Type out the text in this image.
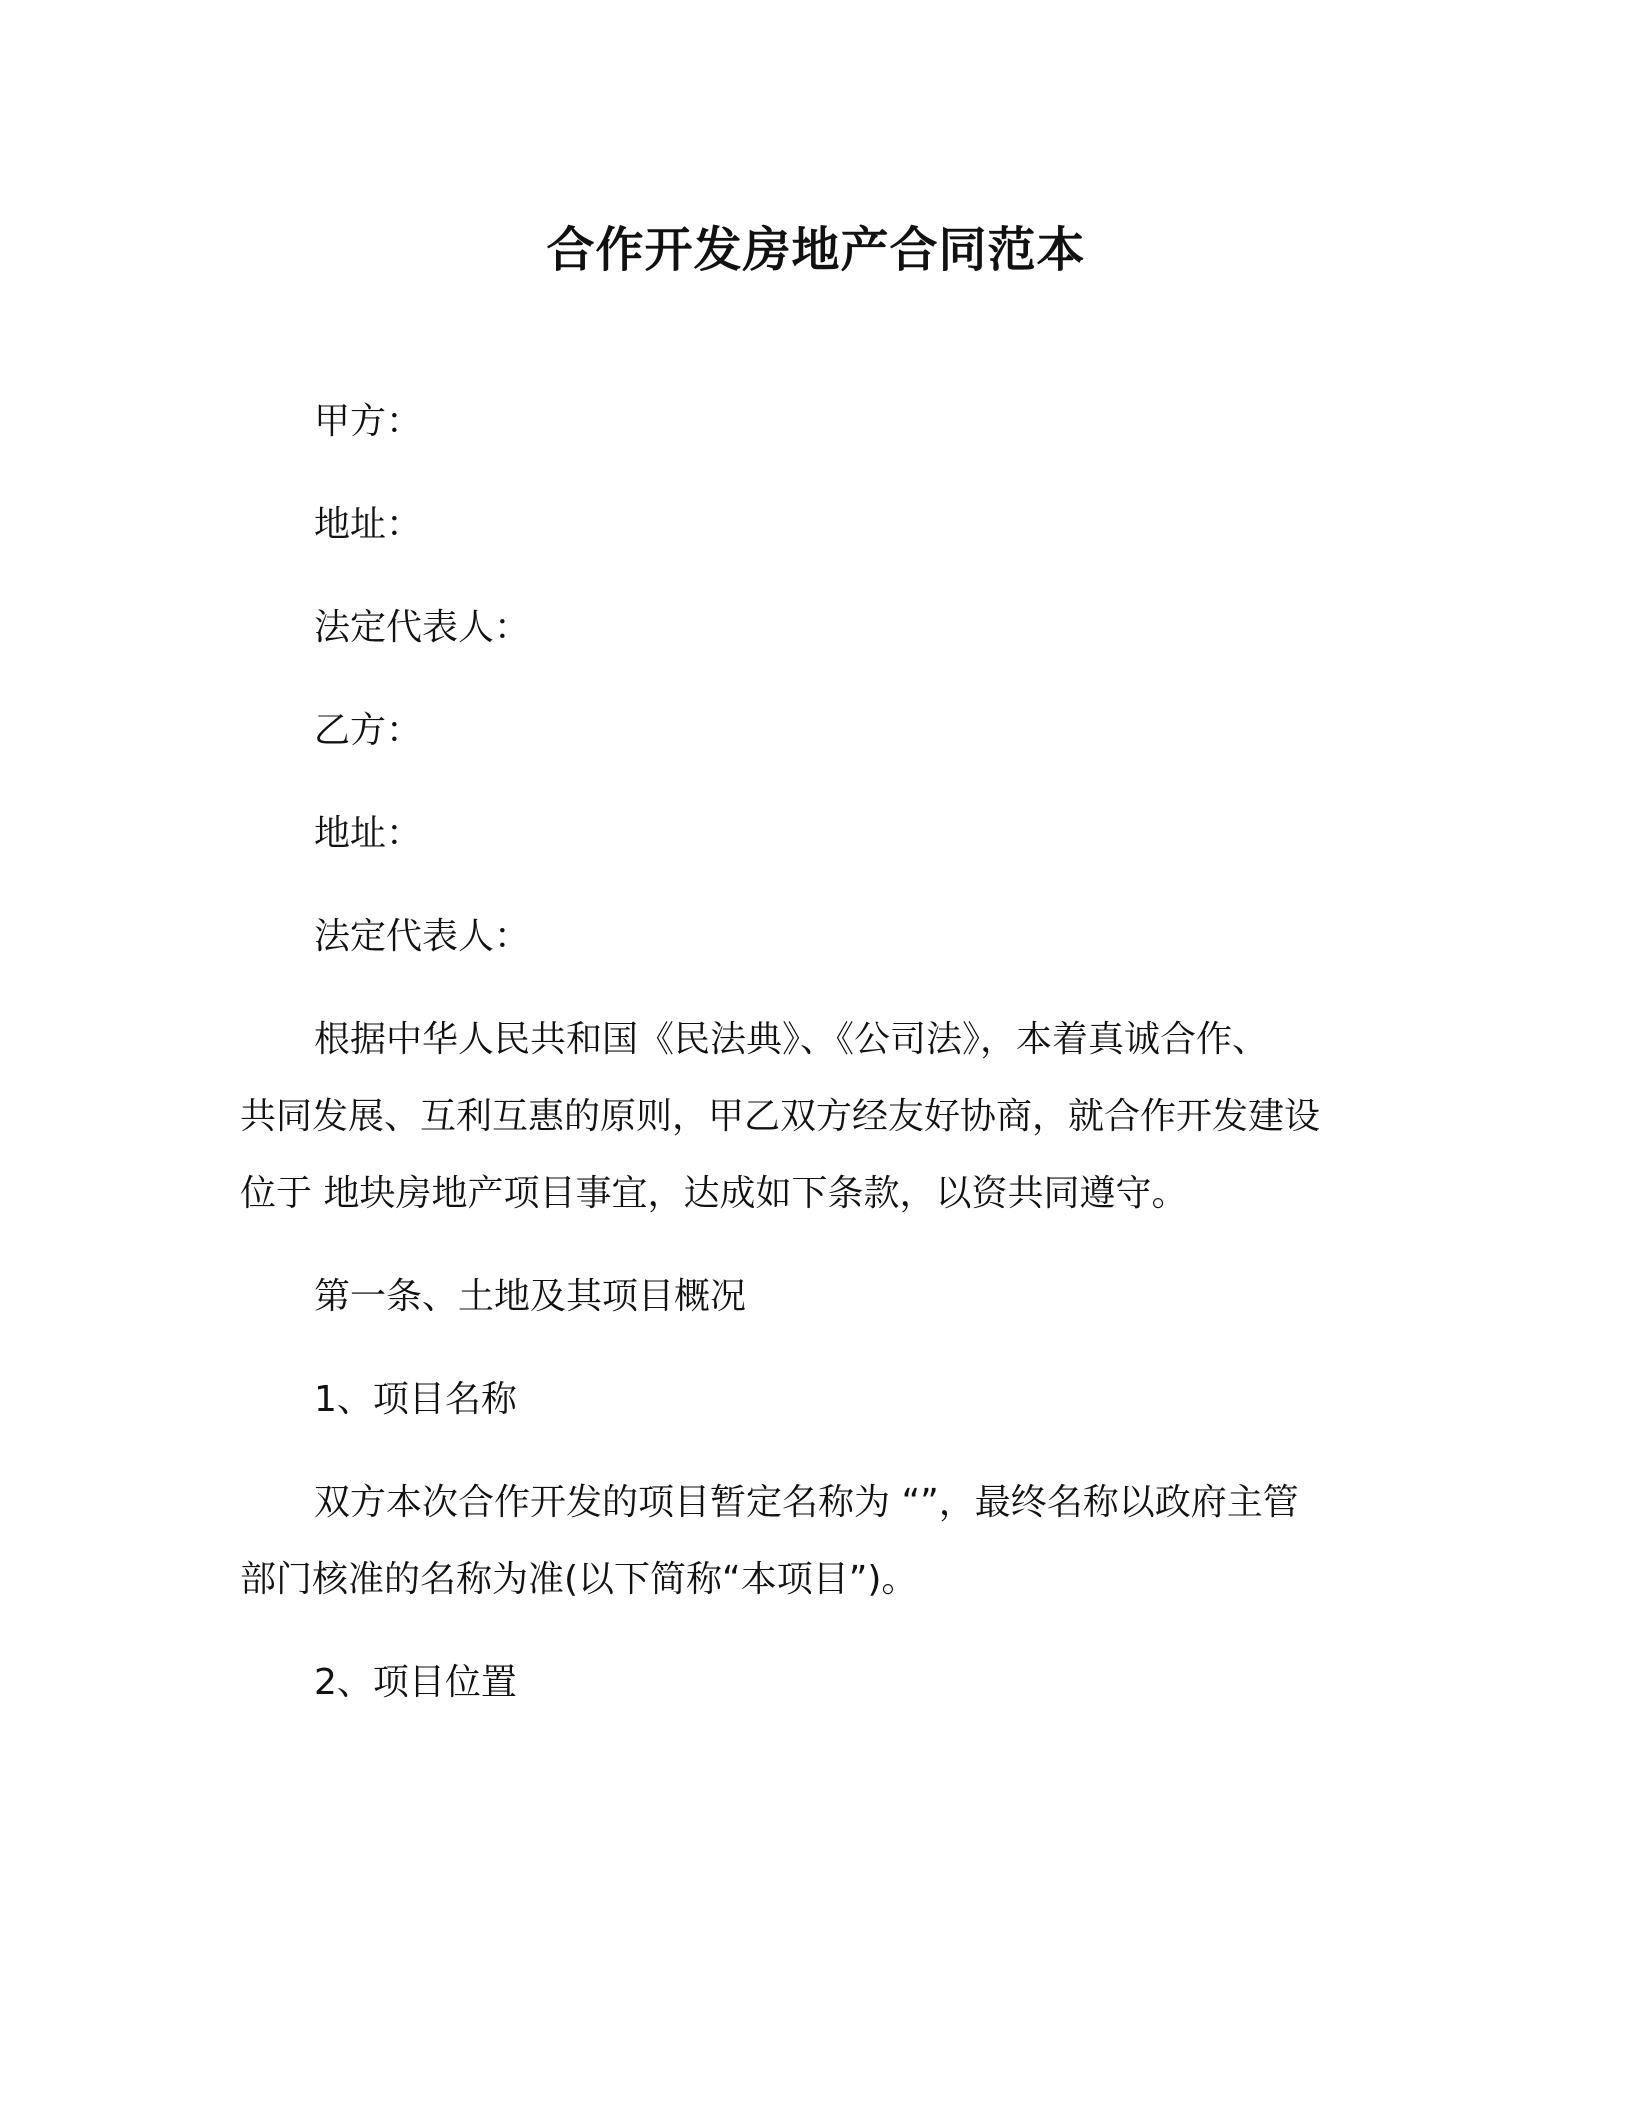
合作开发房地产合同范本
甲方：
地址：
法定代表人：
乙方：
地址：
法定代表人：
根据中华人民共和国《民法典》、《公司法》，本着真诚合作、
共同发展、互利互惠的原则，甲乙双方经友好协商，就合作开发建设
位于 地块房地产项目事宜，达成如下条款，以资共同遵守。
第一条、土地及其项目概况
1、项目名称
双方本次合作开发的项目暂定名称为 “”，最终名称以政府主管
部门核准的名称为准(以下简称“本项目”)。
2、项目位置
